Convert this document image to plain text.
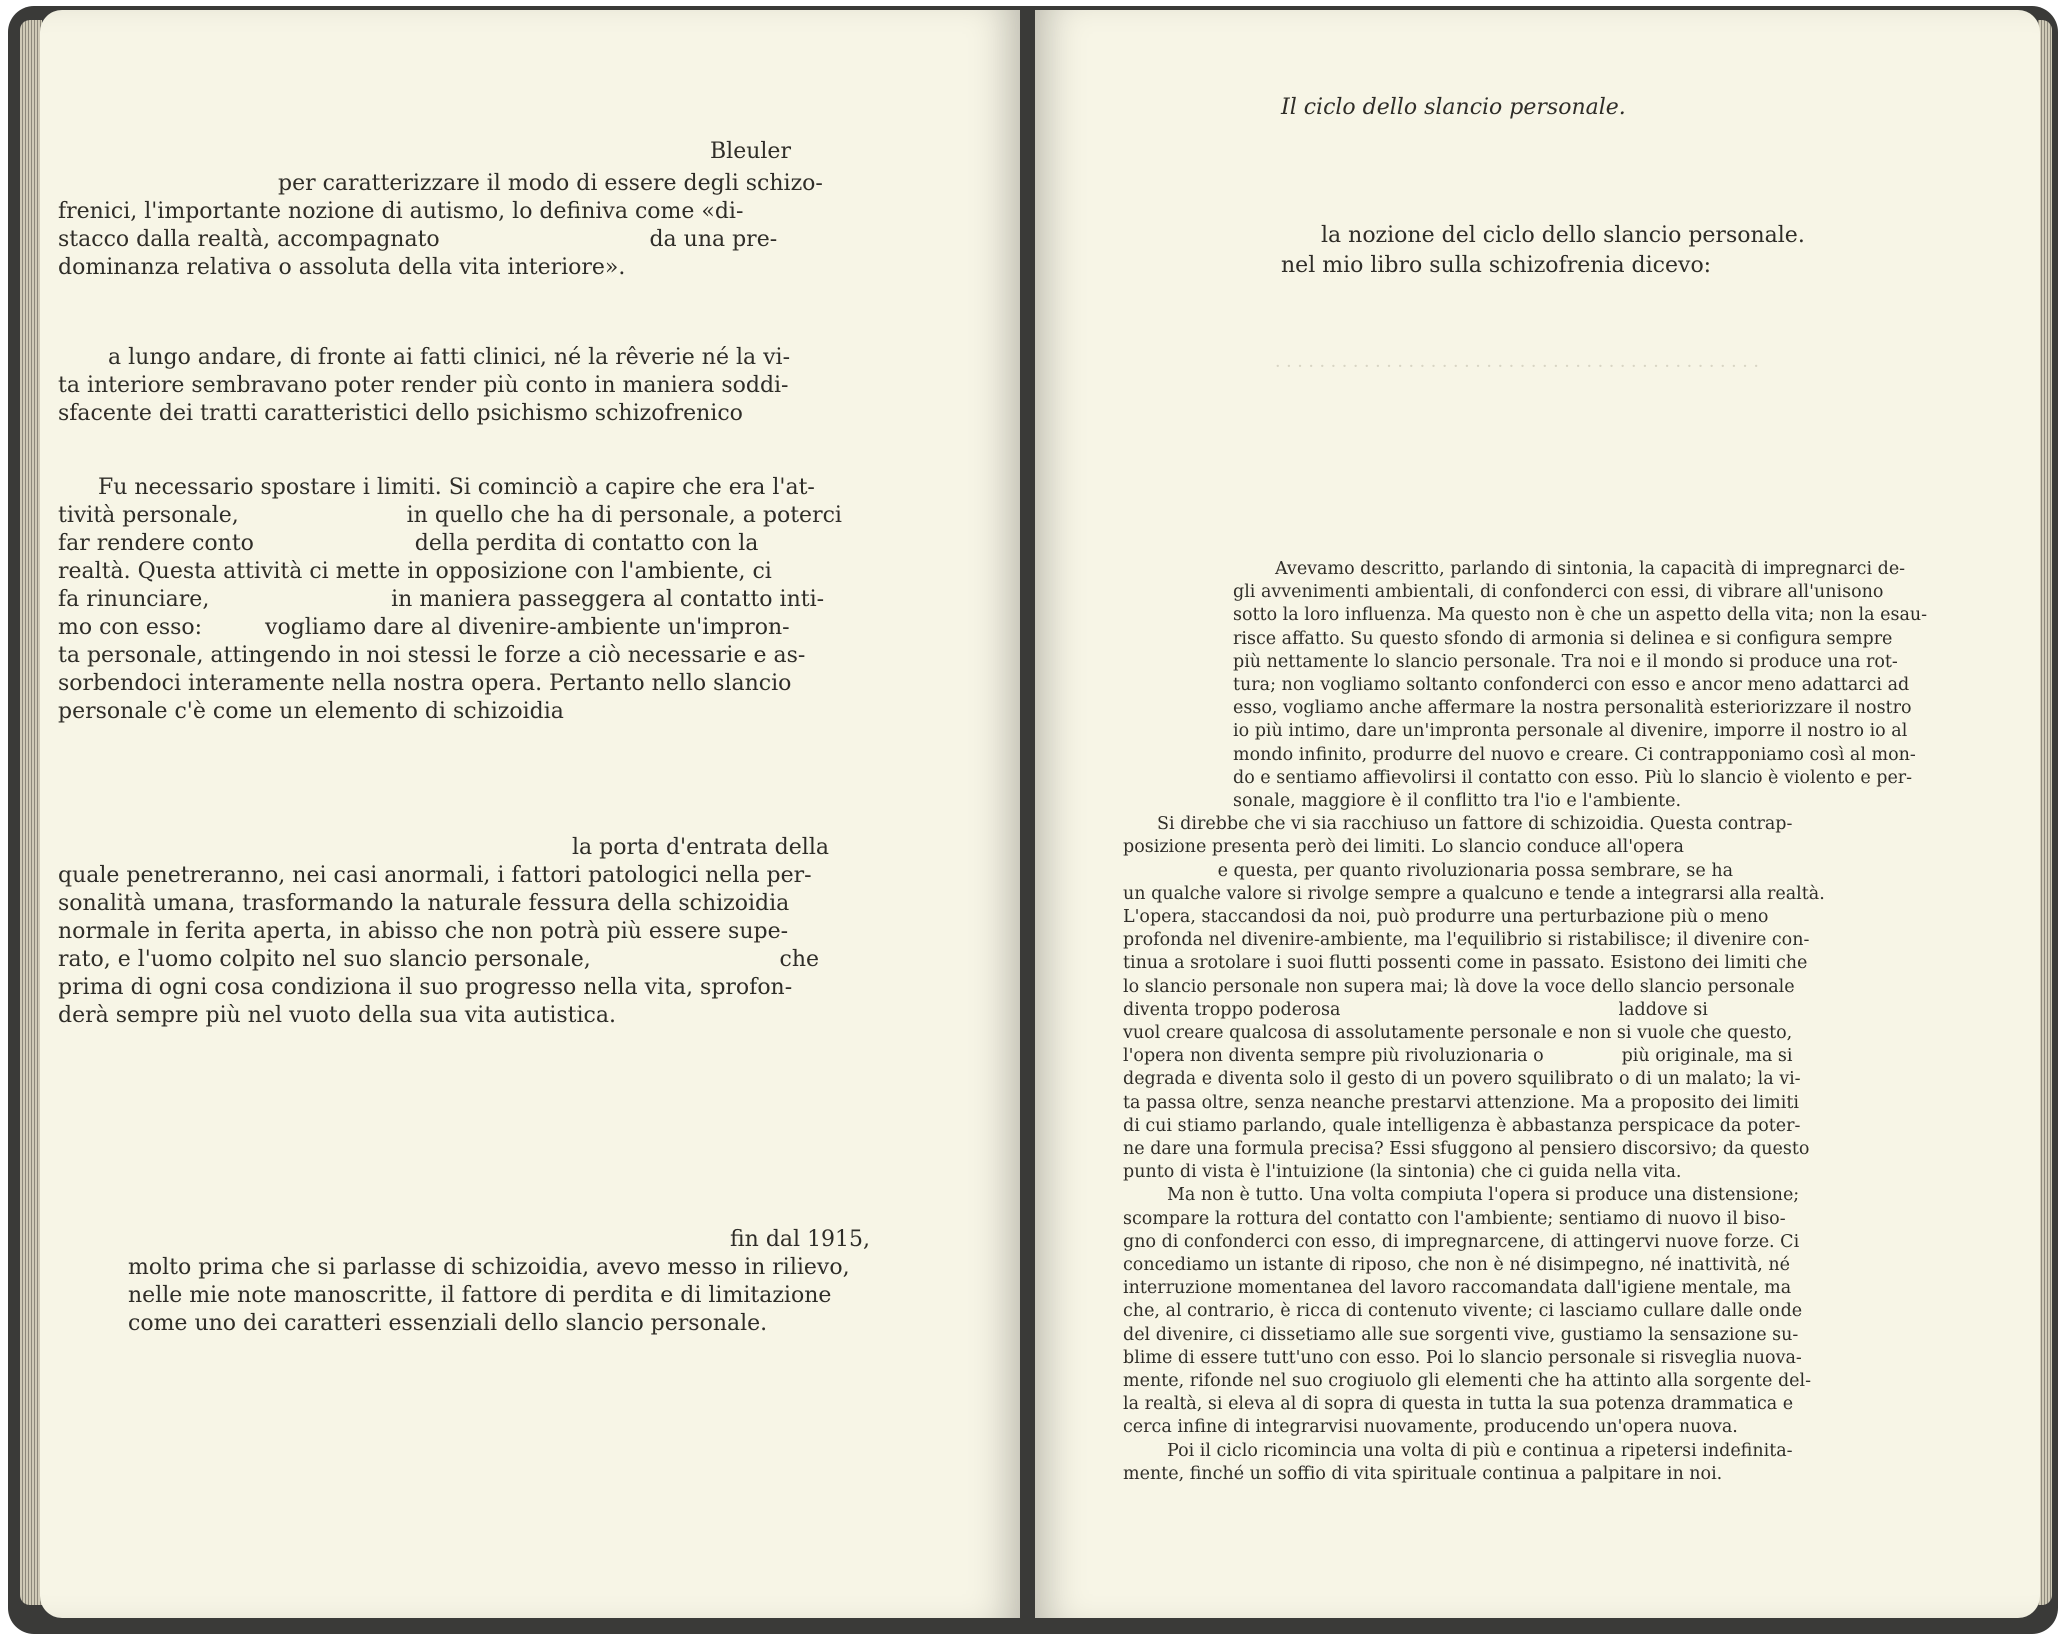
Bleuler
per caratterizzare il modo di essere degli schizo-
frenici, l'importante nozione di autismo, lo definiva come «di-
stacco dalla realtà, accompagnato                              da una pre-
dominanza relativa o assoluta della vita interiore».
a lungo andare, di fronte ai fatti clinici, né la rêverie né la vi-
ta interiore sembravano poter render più conto in maniera soddi-
sfacente dei tratti caratteristici dello psichismo schizofrenico
Fu necessario spostare i limiti. Si cominciò a capire che era l'at-
tività personale,                        in quello che ha di personale, a poterci
far rendere conto                       della perdita di contatto con la
realtà. Questa attività ci mette in opposizione con l'ambiente, ci
fa rinunciare,                          in maniera passeggera al contatto inti-
mo con esso:         vogliamo dare al divenire-ambiente un'impron-
ta personale, attingendo in noi stessi le forze a ciò necessarie e as-
sorbendoci interamente nella nostra opera. Pertanto nello slancio
personale c'è come un elemento di schizoidia
la porta d'entrata della
quale penetreranno, nei casi anormali, i fattori patologici nella per-
sonalità umana, trasformando la naturale fessura della schizoidia
normale in ferita aperta, in abisso che non potrà più essere supe-
rato, e l'uomo colpito nel suo slancio personale,                           che
prima di ogni cosa condiziona il suo progresso nella vita, sprofon-
derà sempre più nel vuoto della sua vita autistica.
fin dal 1915,
molto prima che si parlasse di schizoidia, avevo messo in rilievo,
nelle mie note manoscritte, il fattore di perdita e di limitazione
come uno dei caratteri essenziali dello slancio personale.
Il ciclo dello slancio personale.
la nozione del ciclo dello slancio personale.
nel mio libro sulla schizofrenia dicevo:
· · · · · · · · · · · · · · · · · · · · · · · · · · · · · · · · · · · · · · · · · · · ·
Avevamo descritto, parlando di sintonia, la capacità di impregnarci de-
gli avvenimenti ambientali, di confonderci con essi, di vibrare all'unisono
sotto la loro influenza. Ma questo non è che un aspetto della vita; non la esau-
risce affatto. Su questo sfondo di armonia si delinea e si configura sempre
più nettamente lo slancio personale. Tra noi e il mondo si produce una rot-
tura; non vogliamo soltanto confonderci con esso e ancor meno adattarci ad
esso, vogliamo anche affermare la nostra personalità esteriorizzare il nostro
io più intimo, dare un'impronta personale al divenire, imporre il nostro io al
mondo infinito, produrre del nuovo e creare. Ci contrapponiamo così al mon-
do e sentiamo affievolirsi il contatto con esso. Più lo slancio è violento e per-
sonale, maggiore è il conflitto tra l'io e l'ambiente.
Si direbbe che vi sia racchiuso un fattore di schizoidia. Questa contrap-
posizione presenta però dei limiti. Lo slancio conduce all'opera
e questa, per quanto rivoluzionaria possa sembrare, se ha
un qualche valore si rivolge sempre a qualcuno e tende a integrarsi alla realtà.
L'opera, staccandosi da noi, può produrre una perturbazione più o meno
profonda nel divenire-ambiente, ma l'equilibrio si ristabilisce; il divenire con-
tinua a srotolare i suoi flutti possenti come in passato. Esistono dei limiti che
lo slancio personale non supera mai; là dove la voce dello slancio personale
diventa troppo poderosa                                                  laddove si
vuol creare qualcosa di assolutamente personale e non si vuole che questo,
l'opera non diventa sempre più rivoluzionaria o              più originale, ma si
degrada e diventa solo il gesto di un povero squilibrato o di un malato; la vi-
ta passa oltre, senza neanche prestarvi attenzione. Ma a proposito dei limiti
di cui stiamo parlando, quale intelligenza è abbastanza perspicace da poter-
ne dare una formula precisa? Essi sfuggono al pensiero discorsivo; da questo
punto di vista è l'intuizione (la sintonia) che ci guida nella vita.
Ma non è tutto. Una volta compiuta l'opera si produce una distensione;
scompare la rottura del contatto con l'ambiente; sentiamo di nuovo il biso-
gno di confonderci con esso, di impregnarcene, di attingervi nuove forze. Ci
concediamo un istante di riposo, che non è né disimpegno, né inattività, né
interruzione momentanea del lavoro raccomandata dall'igiene mentale, ma
che, al contrario, è ricca di contenuto vivente; ci lasciamo cullare dalle onde
del divenire, ci dissetiamo alle sue sorgenti vive, gustiamo la sensazione su-
blime di essere tutt'uno con esso. Poi lo slancio personale si risveglia nuova-
mente, rifonde nel suo crogiuolo gli elementi che ha attinto alla sorgente del-
la realtà, si eleva al di sopra di questa in tutta la sua potenza drammatica e
cerca infine di integrarvisi nuovamente, producendo un'opera nuova.
Poi il ciclo ricomincia una volta di più e continua a ripetersi indefinita-
mente, finché un soffio di vita spirituale continua a palpitare in noi.
